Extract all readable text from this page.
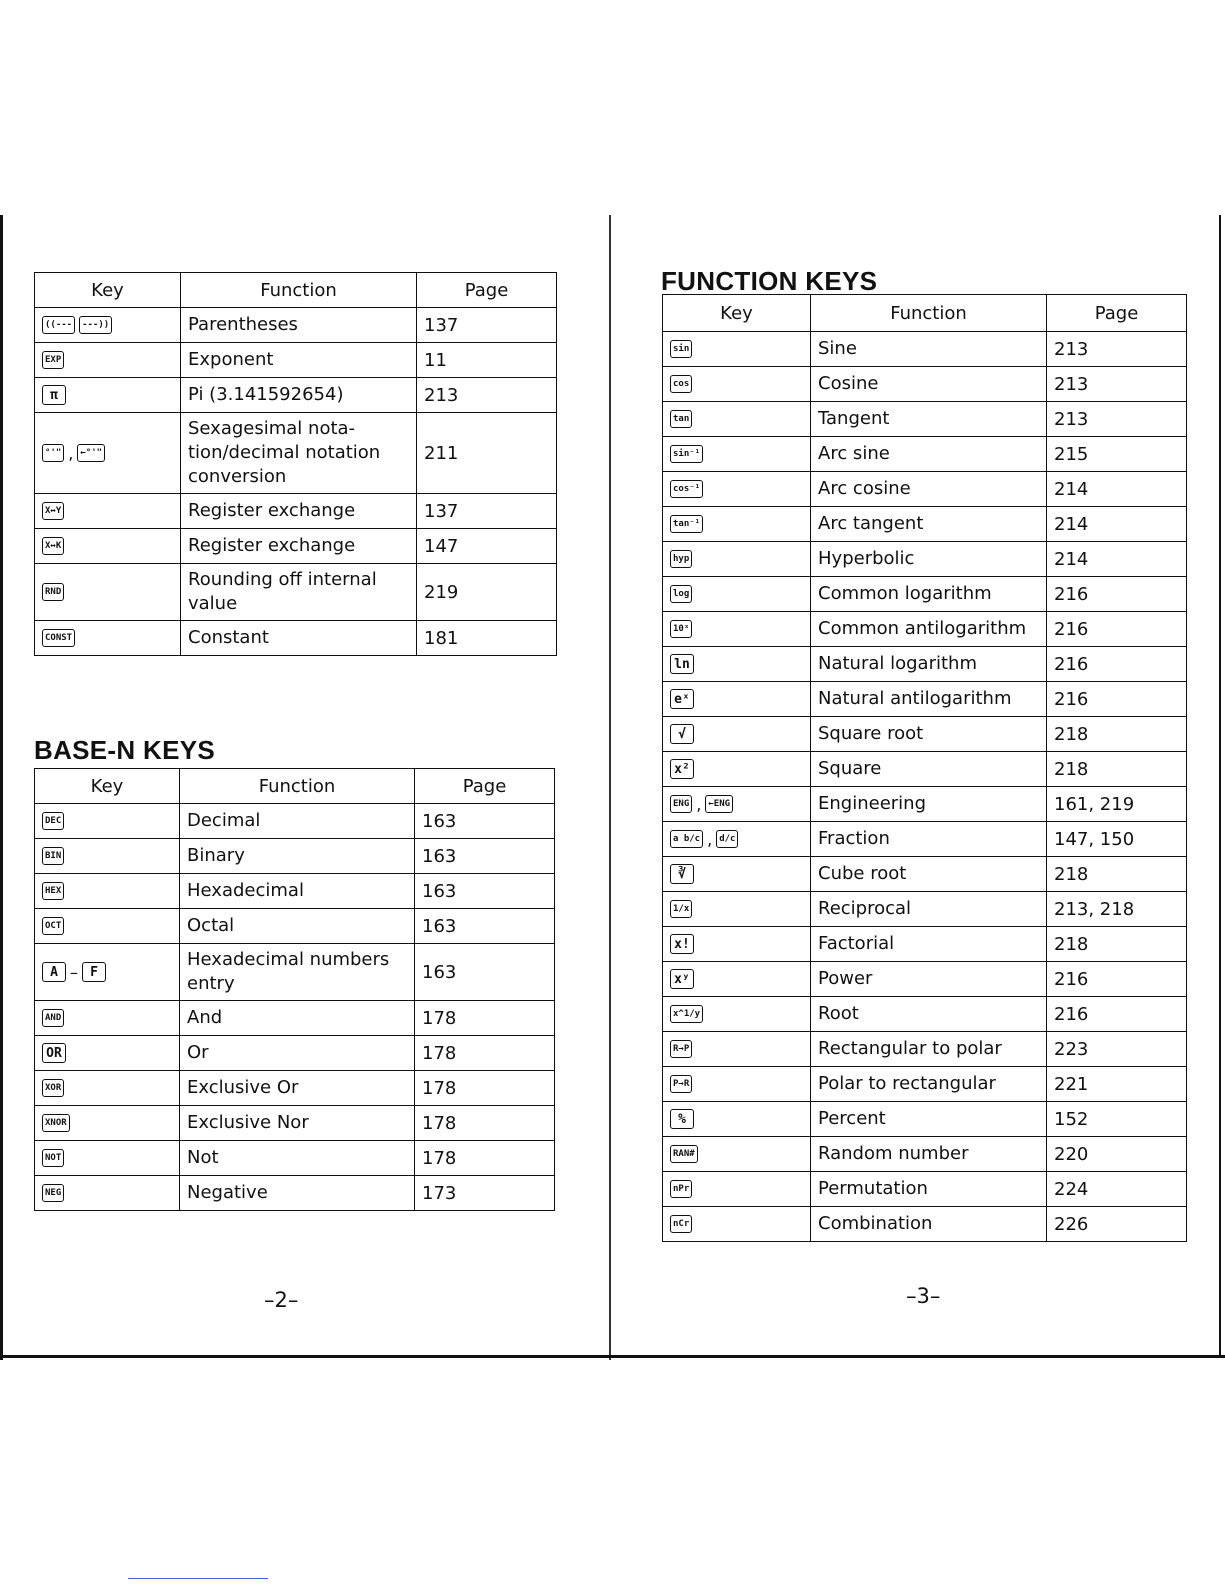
Key	Function	Page

((--- ---))	Parentheses	137

EXP	Exponent	11

π	Pi (3.141592654)	213

°'" , ←°'"	Sexagesimal nota-tion/decimal notation conversion	211

X↔Y	Register exchange	137

X↔K	Register exchange	147

RND	Rounding off internal value	219

CONST	Constant	181
BASE-N KEYS
Key	Function	Page

DEC	Decimal	163

BIN	Binary	163

HEX	Hexadecimal	163

OCT	Octal	163

A – F	Hexadecimal numbers entry	163

AND	And	178

OR	Or	178

XOR	Exclusive Or	178

XNOR	Exclusive Nor	178

NOT	Not	178

NEG	Negative	173
–2–
FUNCTION KEYS
Key	Function	Page

sin	Sine	213

cos	Cosine	213

tan	Tangent	213

sin⁻¹	Arc sine	215

cos⁻¹	Arc cosine	214

tan⁻¹	Arc tangent	214

hyp	Hyperbolic	214

log	Common logarithm	216

10ˣ	Common antilogarithm	216

ln	Natural logarithm	216

eˣ	Natural antilogarithm	216

√	Square root	218

x²	Square	218

ENG , ←ENG	Engineering	161, 219

a b/c , d/c	Fraction	147, 150

∛	Cube root	218

1/x	Reciprocal	213, 218

x!	Factorial	218

xʸ	Power	216

x^1/y	Root	216

R→P	Rectangular to polar	223

P→R	Polar to rectangular	221

%	Percent	152

RAN#	Random number	220

nPr	Permutation	224

nCr	Combination	226
–3–
